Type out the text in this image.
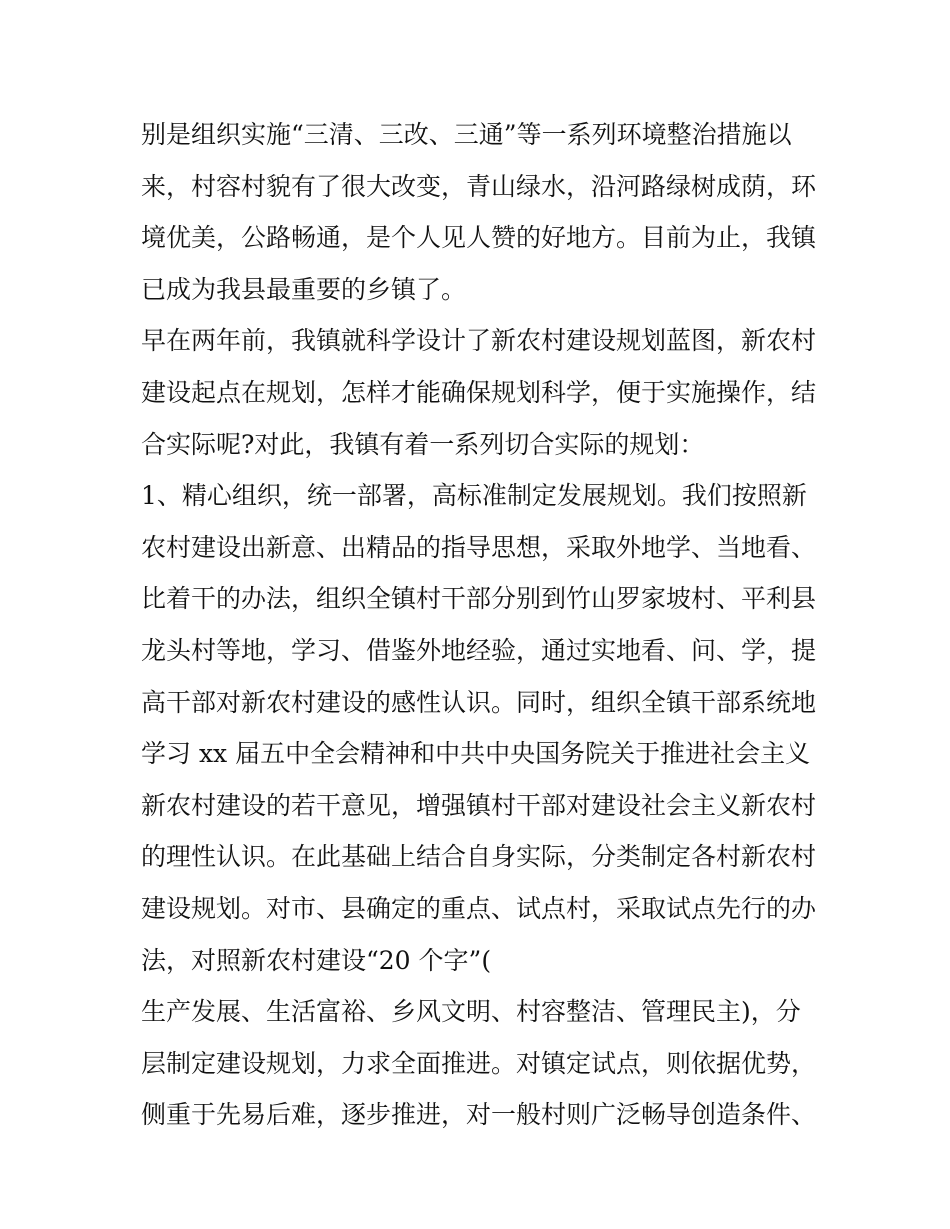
别是组织实施“三清、三改、三通”等一系列环境整治措施以
来，村容村貌有了很大改变，青山绿水，沿河路绿树成荫，环
境优美，公路畅通，是个人见人赞的好地方。目前为止，我镇
已成为我县最重要的乡镇了。
早在两年前，我镇就科学设计了新农村建设规划蓝图，新农村
建设起点在规划，怎样才能确保规划科学，便于实施操作，结
合实际呢?对此，我镇有着一系列切合实际的规划：
1、精心组织，统一部署，高标准制定发展规划。我们按照新
农村建设出新意、出精品的指导思想，采取外地学、当地看、
比着干的办法，组织全镇村干部分别到竹山罗家坡村、平利县
龙头村等地，学习、借鉴外地经验，通过实地看、问、学，提
高干部对新农村建设的感性认识。同时，组织全镇干部系统地
学习 xx 届五中全会精神和中共中央国务院关于推进社会主义
新农村建设的若干意见，增强镇村干部对建设社会主义新农村
的理性认识。在此基础上结合自身实际，分类制定各村新农村
建设规划。对市、县确定的重点、试点村，采取试点先行的办
法，对照新农村建设“20 个字”(
生产发展、生活富裕、乡风文明、村容整洁、管理民主)，分
层制定建设规划，力求全面推进。对镇定试点，则依据优势，
侧重于先易后难，逐步推进，对一般村则广泛畅导创造条件、
